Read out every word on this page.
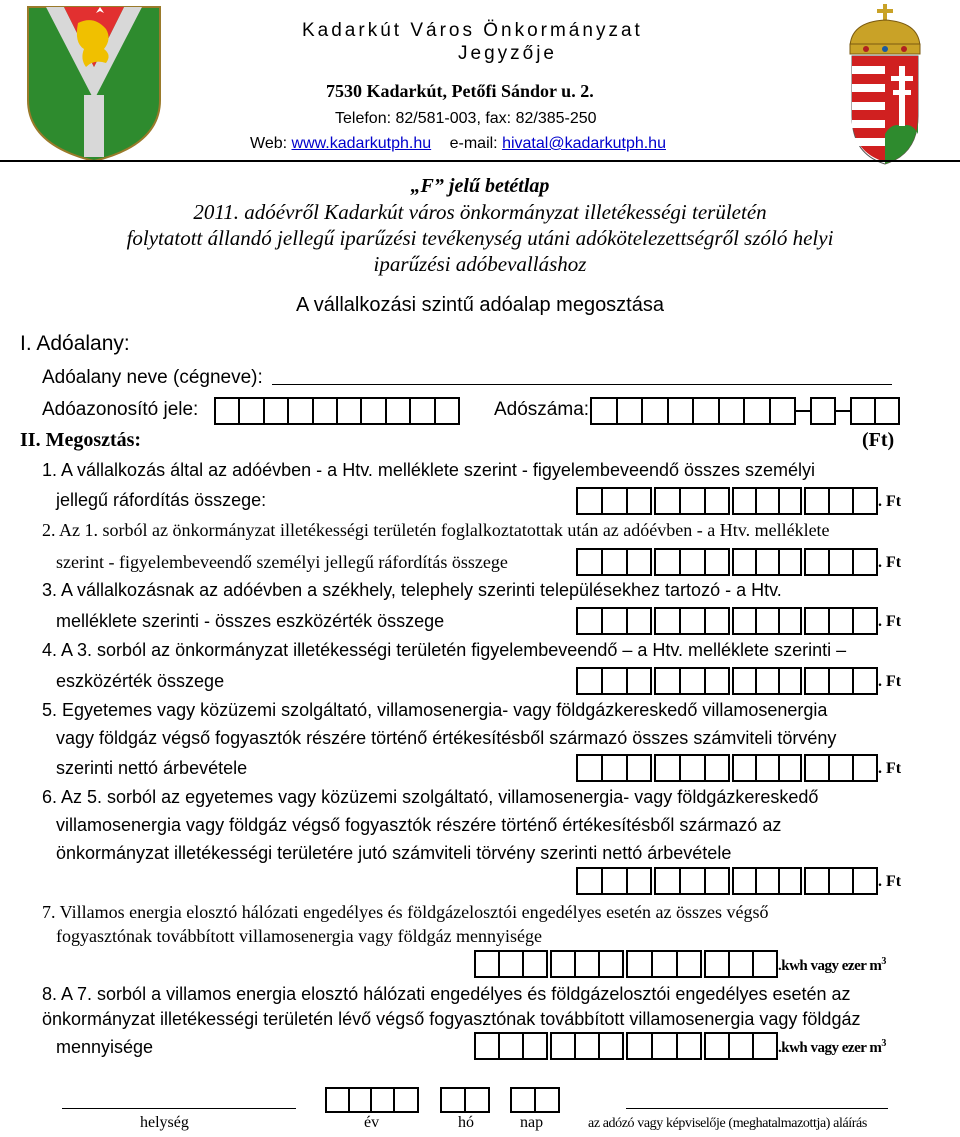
Kadarkút Város Önkormányzat
Jegyzője
7530 Kadarkút, Petőfi Sándor u. 2.
Telefon: 82/581-003, fax: 82/385-250
Web: www.kadarkutph.hu e-mail: hivatal@kadarkutph.hu
„F” jelű betétlap
2011. adóévről Kadarkút város önkormányzat illetékességi területén
folytatott állandó jellegű iparűzési tevékenység utáni adókötelezettségről szóló helyi
iparűzési adóbevalláshoz
A vállalkozási szintű adóalap megosztása
I. Adóalany:
Adóalany neve (cégneve):
Adóazonosító jele:	Adószáma:
II. Megosztás:	(Ft)
1. A vállalkozás által az adóévben - a Htv. melléklete szerint - figyelembeveendő összes személyi
jellegű ráfordítás összege:	. Ft
2. Az 1. sorból az önkormányzat illetékességi területén foglalkoztatottak után az adóévben - a Htv. melléklete
szerint - figyelembeveendő személyi jellegű ráfordítás összege	. Ft
3. A vállalkozásnak az adóévben a székhely, telephely szerinti településekhez tartozó - a Htv.
melléklete szerinti - összes eszközérték összege	. Ft
4. A 3. sorból az önkormányzat illetékességi területén figyelembeveendő – a Htv. melléklete szerinti –
eszközérték összege	. Ft
5. Egyetemes vagy közüzemi szolgáltató, villamosenergia- vagy földgázkereskedő villamosenergia
vagy földgáz végső fogyasztók részére történő értékesítésből származó összes számviteli törvény
szerinti nettó árbevétele	. Ft
6. Az 5. sorból az egyetemes vagy közüzemi szolgáltató, villamosenergia- vagy földgázkereskedő
villamosenergia vagy földgáz végső fogyasztók részére történő értékesítésből származó az
önkormányzat illetékességi területére jutó számviteli törvény szerinti nettó árbevétele
. Ft
7. Villamos energia elosztó hálózati engedélyes és földgázelosztói engedélyes esetén az összes végső
fogyasztónak továbbított villamosenergia vagy földgáz mennyisége
.kwh vagy ezer $m^3$
8. A 7. sorból a villamos energia elosztó hálózati engedélyes és földgázelosztói engedélyes esetén az
önkormányzat illetékességi területén lévő végső fogyasztónak továbbított villamosenergia vagy földgáz
mennyisége	.kwh vagy ezer $m^3$
helység	év	hó	nap	az adózó vagy képviselője (meghatalmazottja) aláírás
